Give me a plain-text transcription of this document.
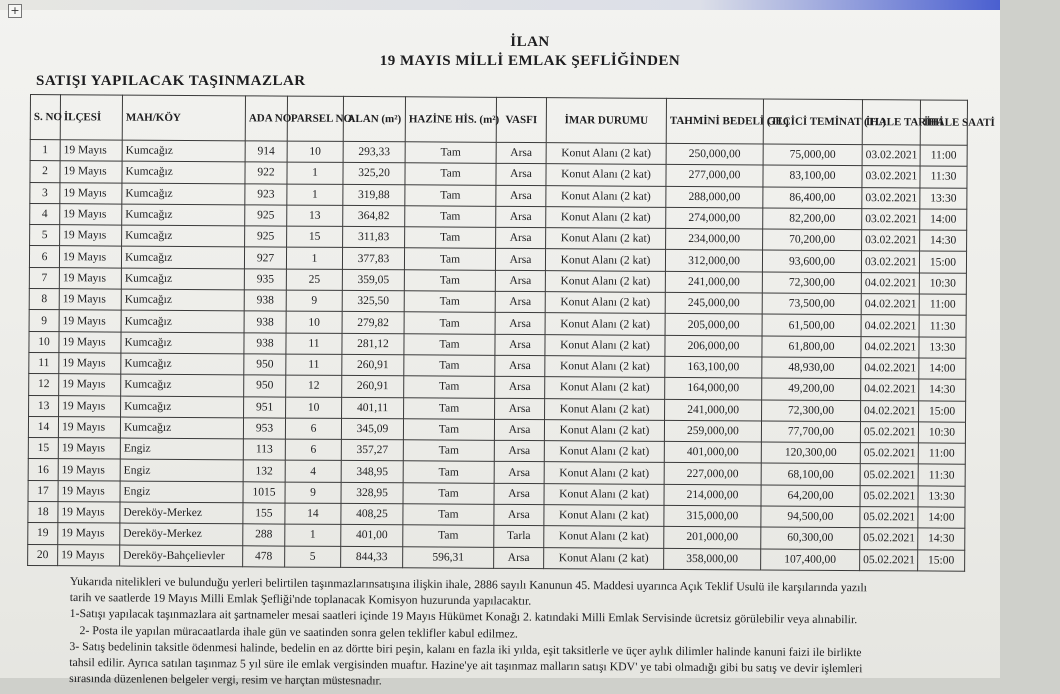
+
İLAN
19 MAYIS MİLLİ EMLAK ŞEFLİĞİNDEN
SATIŞI YAPILACAK TAŞINMAZLAR
S. NO	İLÇESİ	MAH/KÖY	ADA NO	PARSEL NO	ALAN (m²)	HAZİNE HİS. (m²)	VASFI	İMAR DURUMU	TAHMİNİ BEDELİ (TL)	GEÇİCİ TEMİNAT (TL)	İHALE TARİHİ	İHALE SAATİ
1	19 Mayıs	Kumcağız	914	10	293,33	Tam	Arsa	Konut Alanı (2 kat)	250,000,00	75,000,00	03.02.2021	11:00
2	19 Mayıs	Kumcağız	922	1	325,20	Tam	Arsa	Konut Alanı (2 kat)	277,000,00	83,100,00	03.02.2021	11:30
3	19 Mayıs	Kumcağız	923	1	319,88	Tam	Arsa	Konut Alanı (2 kat)	288,000,00	86,400,00	03.02.2021	13:30
4	19 Mayıs	Kumcağız	925	13	364,82	Tam	Arsa	Konut Alanı (2 kat)	274,000,00	82,200,00	03.02.2021	14:00
5	19 Mayıs	Kumcağız	925	15	311,83	Tam	Arsa	Konut Alanı (2 kat)	234,000,00	70,200,00	03.02.2021	14:30
6	19 Mayıs	Kumcağız	927	1	377,83	Tam	Arsa	Konut Alanı (2 kat)	312,000,00	93,600,00	03.02.2021	15:00
7	19 Mayıs	Kumcağız	935	25	359,05	Tam	Arsa	Konut Alanı (2 kat)	241,000,00	72,300,00	04.02.2021	10:30
8	19 Mayıs	Kumcağız	938	9	325,50	Tam	Arsa	Konut Alanı (2 kat)	245,000,00	73,500,00	04.02.2021	11:00
9	19 Mayıs	Kumcağız	938	10	279,82	Tam	Arsa	Konut Alanı (2 kat)	205,000,00	61,500,00	04.02.2021	11:30
10	19 Mayıs	Kumcağız	938	11	281,12	Tam	Arsa	Konut Alanı (2 kat)	206,000,00	61,800,00	04.02.2021	13:30
11	19 Mayıs	Kumcağız	950	11	260,91	Tam	Arsa	Konut Alanı (2 kat)	163,100,00	48,930,00	04.02.2021	14:00
12	19 Mayıs	Kumcağız	950	12	260,91	Tam	Arsa	Konut Alanı (2 kat)	164,000,00	49,200,00	04.02.2021	14:30
13	19 Mayıs	Kumcağız	951	10	401,11	Tam	Arsa	Konut Alanı (2 kat)	241,000,00	72,300,00	04.02.2021	15:00
14	19 Mayıs	Kumcağız	953	6	345,09	Tam	Arsa	Konut Alanı (2 kat)	259,000,00	77,700,00	05.02.2021	10:30
15	19 Mayıs	Engiz	113	6	357,27	Tam	Arsa	Konut Alanı (2 kat)	401,000,00	120,300,00	05.02.2021	11:00
16	19 Mayıs	Engiz	132	4	348,95	Tam	Arsa	Konut Alanı (2 kat)	227,000,00	68,100,00	05.02.2021	11:30
17	19 Mayıs	Engiz	1015	9	328,95	Tam	Arsa	Konut Alanı (2 kat)	214,000,00	64,200,00	05.02.2021	13:30
18	19 Mayıs	Dereköy-Merkez	155	14	408,25	Tam	Arsa	Konut Alanı (2 kat)	315,000,00	94,500,00	05.02.2021	14:00
19	19 Mayıs	Dereköy-Merkez	288	1	401,00	Tam	Tarla	Konut Alanı (2 kat)	201,000,00	60,300,00	05.02.2021	14:30
20	19 Mayıs	Dereköy-Bahçelievler	478	5	844,33	596,31	Arsa	Konut Alanı (2 kat)	358,000,00	107,400,00	05.02.2021	15:00

Yukarıda nitelikleri ve bulunduğu yerleri belirtilen taşınmazlarınsatışına ilişkin ihale, 2886 sayılı Kanunun 45. Maddesi uyarınca Açık Teklif Usulü ile karşılarında yazılı

tarih ve saatlerde 19 Mayıs Milli Emlak Şefliği'nde toplanacak Komisyon huzurunda yapılacaktır.

1-Satışı yapılacak taşınmazlara ait şartnameler mesai saatleri içinde 19 Mayıs Hükümet Konağı 2. katındaki Milli Emlak Servisinde ücretsiz görülebilir veya alınabilir.

2- Posta ile yapılan müracaatlarda ihale gün ve saatinden sonra gelen teklifler kabul edilmez.

3- Satış bedelinin taksitle ödenmesi halinde, bedelin en az dörtte biri peşin, kalanı en fazla iki yılda, eşit taksitlerle ve üçer aylık dilimler halinde kanuni faizi ile birlikte

tahsil edilir. Ayrıca satılan taşınmaz 5 yıl süre ile emlak vergisinden muaftır. Hazine'ye ait taşınmaz malların satışı KDV' ye tabi olmadığı gibi bu satış ve devir işlemleri

sırasında düzenlenen belgeler vergi, resim ve harçtan müstesnadır.
